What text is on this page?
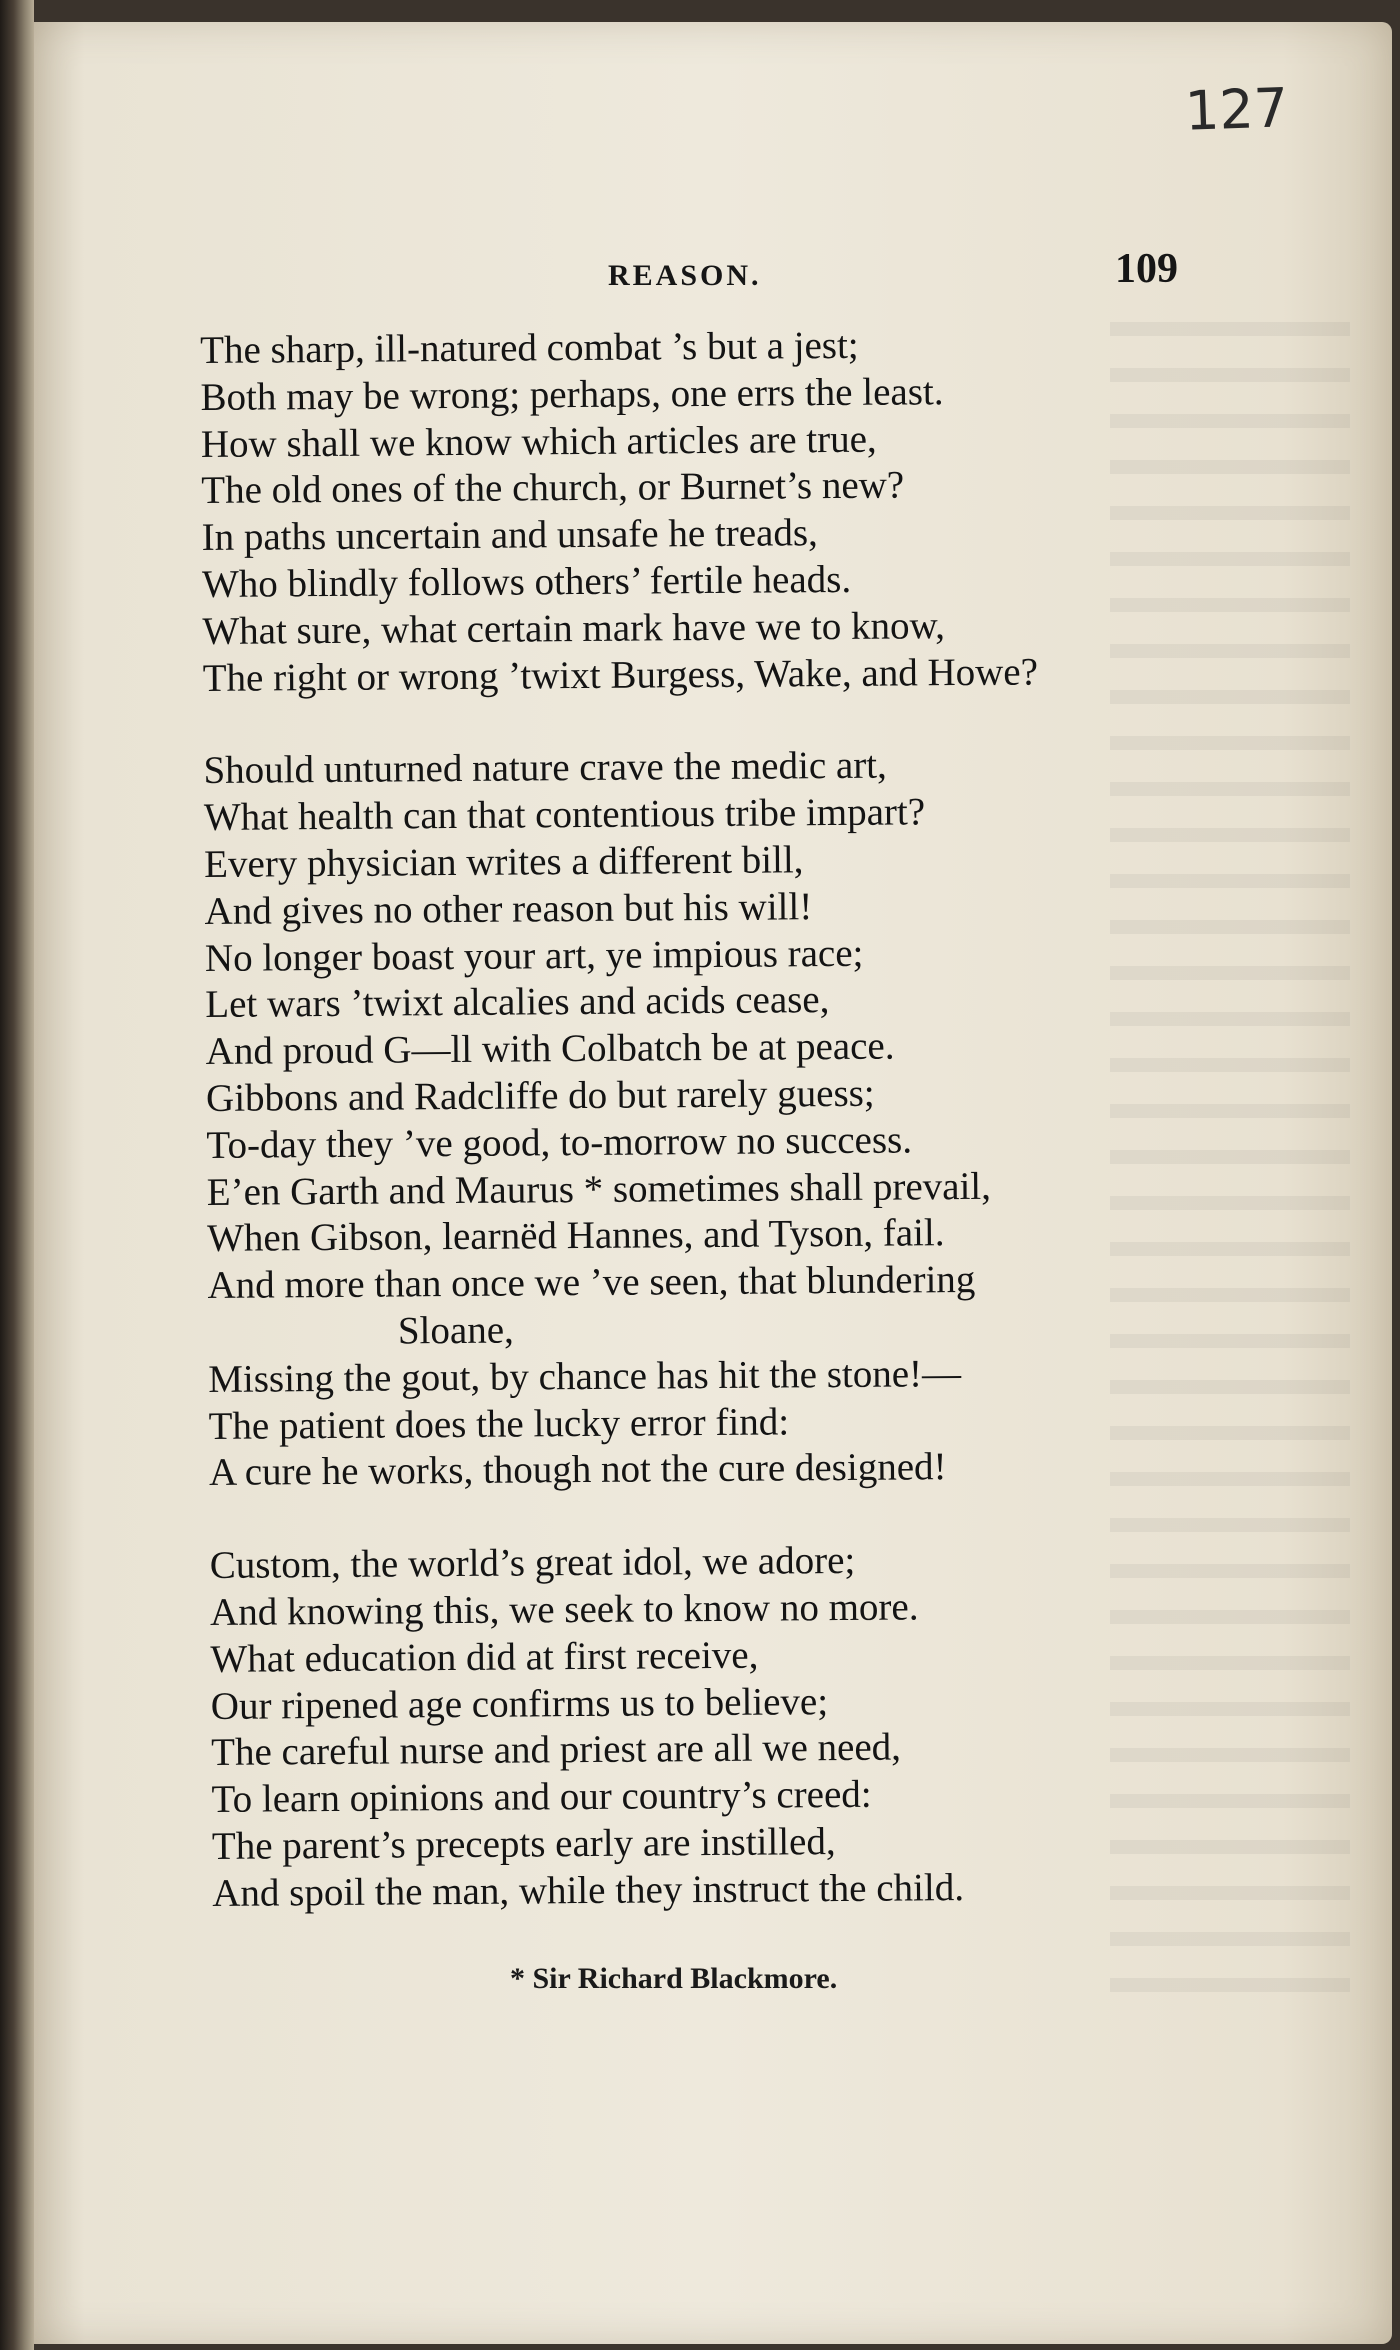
127
REASON.	109
The sharp, ill-natured combat ’s but a jest;
Both may be wrong; perhaps, one errs the least.
How shall we know which articles are true,
The old ones of the church, or Burnet’s new?
In paths uncertain and unsafe he treads,
Who blindly follows others’ fertile heads.
What sure, what certain mark have we to know,
The right or wrong ’twixt Burgess, Wake, and Howe?
Should unturned nature crave the medic art,
What health can that contentious tribe impart?
Every physician writes a different bill,
And gives no other reason but his will!
No longer boast your art, ye impious race;
Let wars ’twixt alcalies and acids cease,
And proud G—ll with Colbatch be at peace.
Gibbons and Radcliffe do but rarely guess;
To-day they ’ve good, to-morrow no success.
E’en Garth and Maurus * sometimes shall prevail,
When Gibson, learnëd Hannes, and Tyson, fail.
And more than once we ’ve seen, that blundering
Sloane,
Missing the gout, by chance has hit the stone!—
The patient does the lucky error find:
A cure he works, though not the cure designed!
Custom, the world’s great idol, we adore;
And knowing this, we seek to know no more.
What education did at first receive,
Our ripened age confirms us to believe;
The careful nurse and priest are all we need,
To learn opinions and our country’s creed:
The parent’s precepts early are instilled,
And spoil the man, while they instruct the child.
* Sir Richard Blackmore.
